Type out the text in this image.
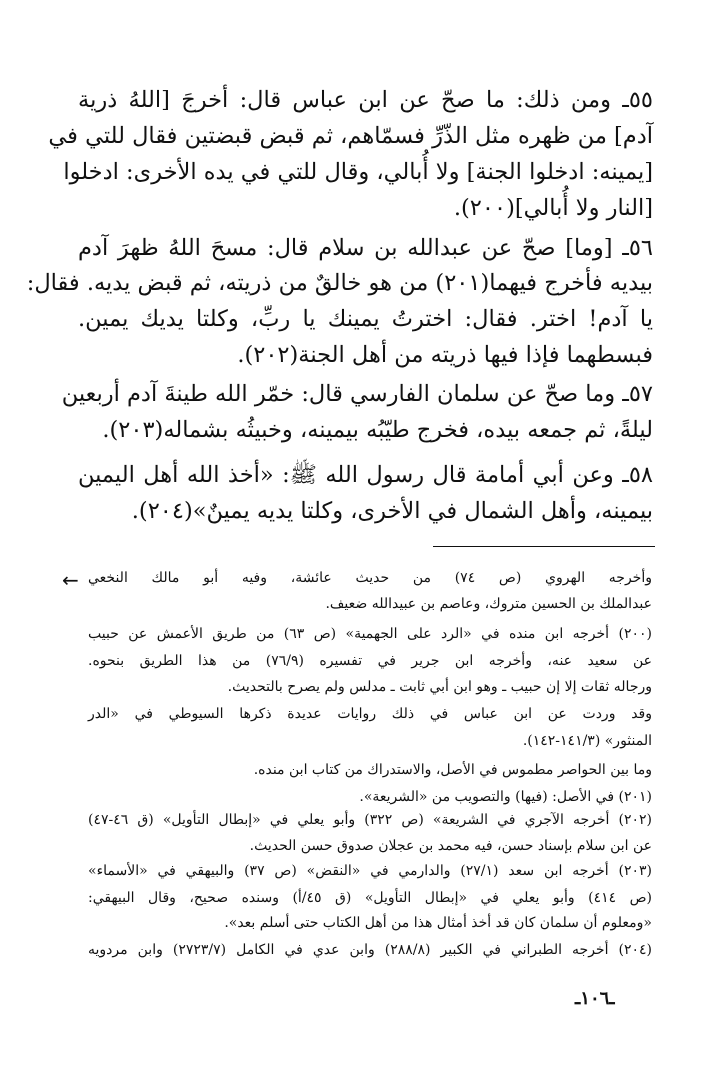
٥٥ـ ومن ذلك: ما صحّ عن ابن عباس قال: أخرجَ [اللهُ ذرية
آدم] من ظهره مثل الذّرِّ فسمّاهم، ثم قبض قبضتين فقال للتي في
[يمينه: ادخلوا الجنة] ولا أُبالي، وقال للتي في يده الأخرى: ادخلوا
[النار ولا أُبالي](٢٠٠).
٥٦ـ [وما] صحّ عن عبدالله بن سلام قال: مسحَ اللهُ ظهرَ آدم
بيديه فأخرج فيهما(٢٠١) من هو خالقٌ من ذريته، ثم قبض يديه. فقال:
يا آدم! اختر. فقال: اخترتُ يمينك يا ربِّ، وكلتا يديك يمين.
فبسطهما فإذا فيها ذريته من أهل الجنة(٢٠٢).
٥٧ـ وما صحّ عن سلمان الفارسي قال: خمّر الله طينةَ آدم أربعين
ليلةً، ثم جمعه بيده، فخرج طيّبُه بيمينه، وخبيثُه بشماله(٢٠٣).
٥٨ـ وعن أبي أمامة قال رسول الله ﷺ: «أخذ الله أهل اليمين
بيمينه، وأهل الشمال في الأخرى، وكلتا يديه يمينٌ»(٢٠٤).
← وأخرجه الهروي (ص ٧٤) من حديث عائشة، وفيه أبو مالك النخعي
عبدالملك بن الحسين متروك، وعاصم بن عبيدالله ضعيف.
(٢٠٠) أخرجه ابن منده في «الرد على الجهمية» (ص ٦٣) من طريق الأعمش عن حبيب
عن سعيد عنه، وأخرجه ابن جرير في تفسيره (٧٦/٩) من هذا الطريق بنحوه.
ورجاله ثقات إلا إن حبيب ـ وهو ابن أبي ثابت ـ مدلس ولم يصرح بالتحديث.
وقد وردت عن ابن عباس في ذلك روايات عديدة ذكرها السيوطي في «الدر
المنثور» (١٤١/٣-١٤٢).
وما بين الحواصر مطموس في الأصل، والاستدراك من كتاب ابن منده.
(٢٠١) في الأصل: (فيها) والتصويب من «الشريعة».
(٢٠٢) أخرجه الآجري في الشريعة» (ص ٣٢٢) وأبو يعلي في «إبطال التأويل» (ق ٤٦-٤٧)
عن ابن سلام بإسناد حسن، فيه محمد بن عجلان صدوق حسن الحديث.
(٢٠٣) أخرجه ابن سعد (٢٧/١) والدارمي في «النقض» (ص ٣٧) والبيهقي في «الأسماء»
(ص ٤١٤) وأبو يعلي في «إبطال التأويل» (ق ٤٥/أ) وسنده صحيح، وقال البيهقي:
«ومعلوم أن سلمان كان قد أخذ أمثال هذا من أهل الكتاب حتى أسلم بعد».
(٢٠٤) أخرجه الطبراني في الكبير (٢٨٨/٨) وابن عدي في الكامل (٢٧٢٣/٧) وابن مردويه
ـ١٠٦ـ
